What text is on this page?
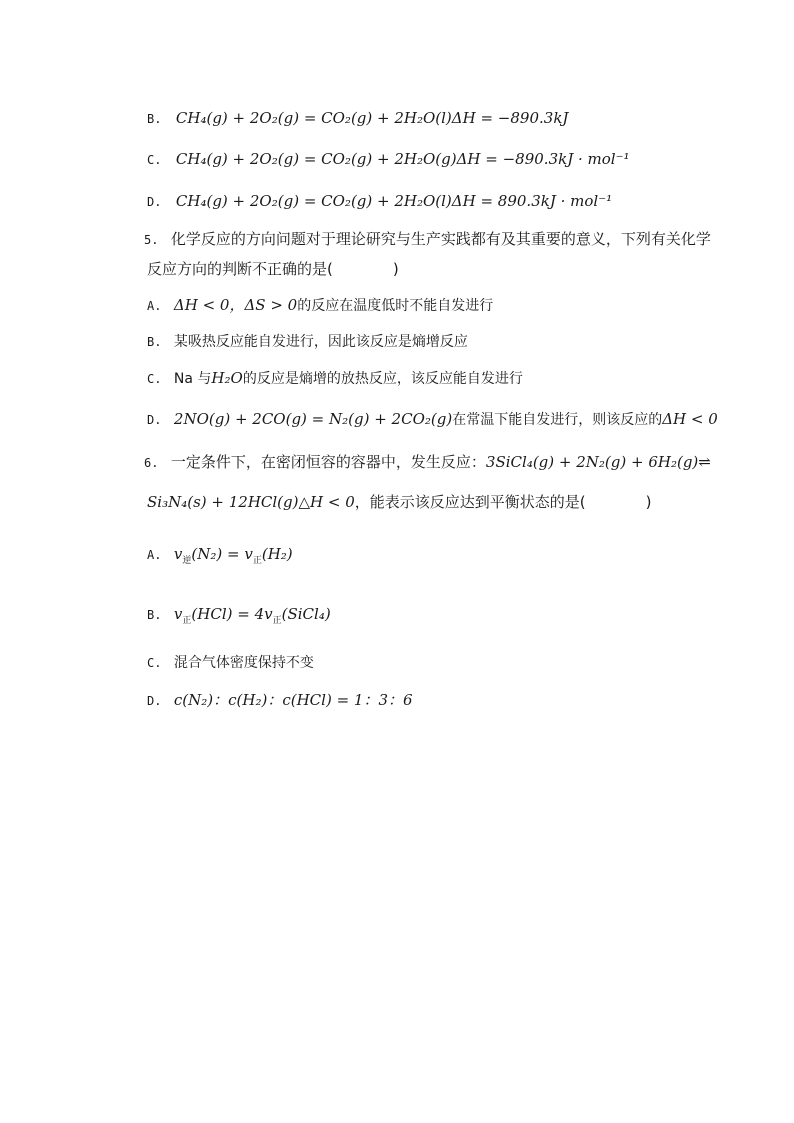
B. CH₄(g) + 2O₂(g) = CO₂(g) + 2H₂O(l)ΔH = −890.3kJ
C. CH₄(g) + 2O₂(g) = CO₂(g) + 2H₂O(g)ΔH = −890.3kJ · mol⁻¹
D. CH₄(g) + 2O₂(g) = CO₂(g) + 2H₂O(l)ΔH = 890.3kJ · mol⁻¹
5. 化学反应的方向问题对于理论研究与生产实践都有及其重要的意义，下列有关化学
反应方向的判断不正确的是(　　　　)
A. ΔH < 0，ΔS > 0的反应在温度低时不能自发进行
B. 某吸热反应能自发进行，因此该反应是熵增反应
C. Na 与H₂O的反应是熵增的放热反应，该反应能自发进行
D. 2NO(g) + 2CO(g) = N₂(g) + 2CO₂(g)在常温下能自发进行，则该反应的ΔH < 0
6. 一定条件下，在密闭恒容的容器中，发生反应：3SiCl₄(g) + 2N₂(g) + 6H₂(g)⇌
Si₃N₄(s) + 12HCl(g)△H < 0，能表示该反应达到平衡状态的是(　　　　)
A. $v_逆(N_2) = v_正(H_2)$
B. $v_正(HCl)$ = $4v_正(SiCl_4)$
C. 混合气体密度保持不变
D. c(N₂)：c(H₂)：c(HCl) = 1：3：6
